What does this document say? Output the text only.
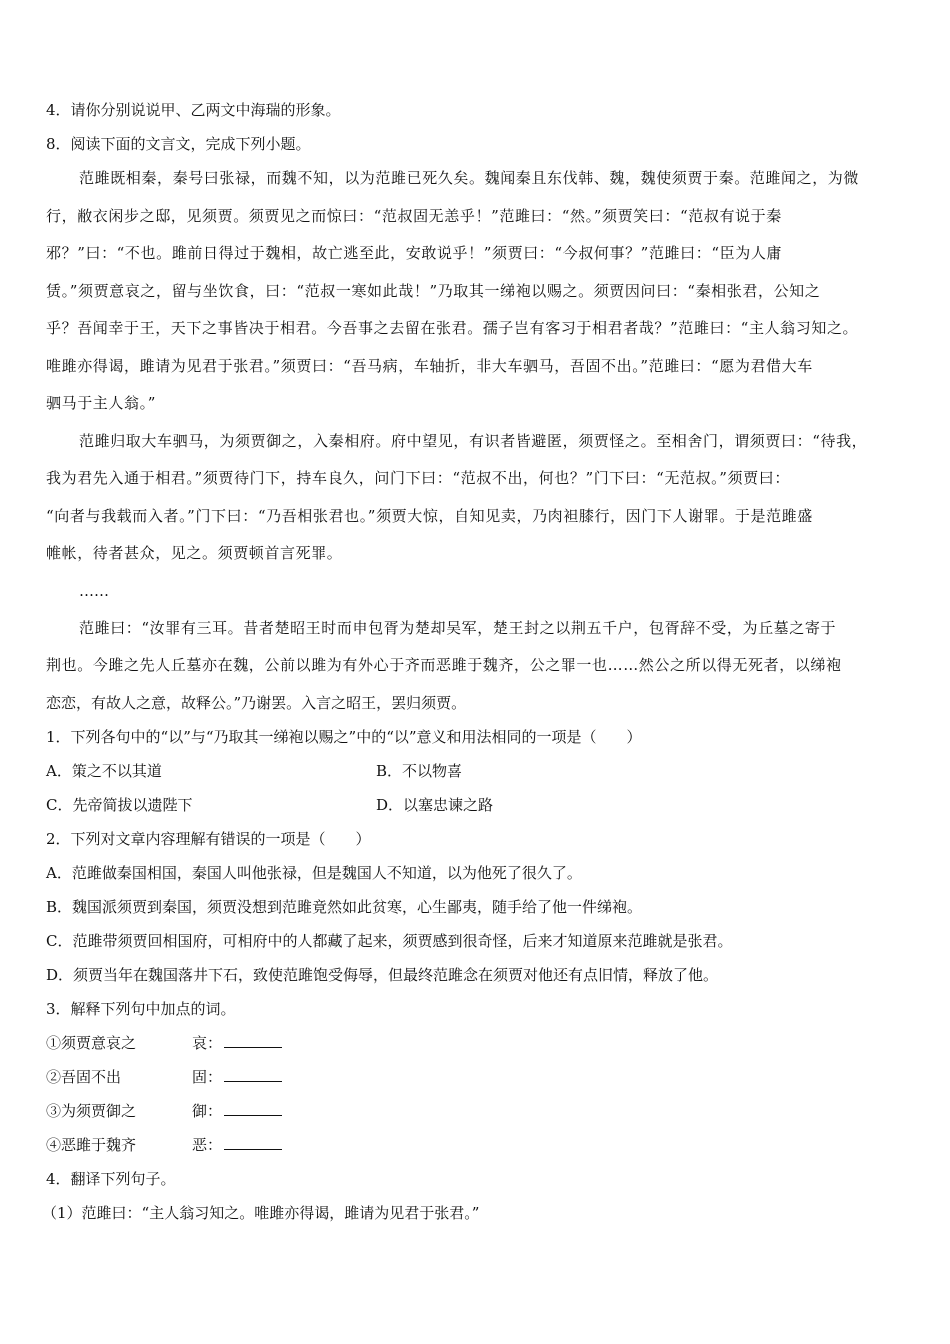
4．请你分别说说甲、乙两文中海瑞的形象。
8．阅读下面的文言文，完成下列小题。
范雎既相秦，秦号曰张禄，而魏不知，以为范雎已死久矣。魏闻秦且东伐韩、魏，魏使须贾于秦。范雎闻之，为微
行，敝衣闲步之邸，见须贾。须贾见之而惊曰：“范叔固无恙乎！”范雎曰：“然。”须贾笑曰：“范叔有说于秦
邪？”曰：“不也。雎前日得过于魏相，故亡逃至此，安敢说乎！”须贾曰：“今叔何事？”范雎曰：“臣为人庸
赁。”须贾意哀之，留与坐饮食，曰：“范叔一寒如此哉！”乃取其一绨袍以赐之。须贾因问曰：“秦相张君，公知之
乎？吾闻幸于王，天下之事皆决于相君。今吾事之去留在张君。孺子岂有客习于相君者哉？”范雎曰：“主人翁习知之。
唯雎亦得谒，雎请为见君于张君。”须贾曰：“吾马病，车轴折，非大车驷马，吾固不出。”范雎曰：“愿为君借大车
驷马于主人翁。”
范雎归取大车驷马，为须贾御之，入秦相府。府中望见，有识者皆避匿，须贾怪之。至相舍门，谓须贾曰：“待我，
我为君先入通于相君。”须贾待门下，持车良久，问门下曰：“范叔不出，何也？”门下曰：“无范叔。”须贾曰：
“向者与我载而入者。”门下曰：“乃吾相张君也。”须贾大惊，自知见卖，乃肉袒膝行，因门下人谢罪。于是范雎盛
帷帐，待者甚众，见之。须贾顿首言死罪。
……
范雎曰：“汝罪有三耳。昔者楚昭王时而申包胥为楚却吴军，楚王封之以荆五千户，包胥辞不受，为丘墓之寄于
荆也。今雎之先人丘墓亦在魏，公前以雎为有外心于齐而恶雎于魏齐，公之罪一也……然公之所以得无死者，以绨袍
恋恋，有故人之意，故释公。”乃谢罢。入言之昭王，罢归须贾。
1．下列各句中的“以”与“乃取其一绨袍以赐之”中的“以”意义和用法相同的一项是（　　）
A．策之不以其道	B．不以物喜
C．先帝简拔以遗陛下	D．以塞忠谏之路
2．下列对文章内容理解有错误的一项是（　　）
A．范雎做秦国相国，秦国人叫他张禄，但是魏国人不知道，以为他死了很久了。
B．魏国派须贾到秦国，须贾没想到范雎竟然如此贫寒，心生鄙夷，随手给了他一件绨袍。
C．范雎带须贾回相国府，可相府中的人都藏了起来，须贾感到很奇怪，后来才知道原来范雎就是张君。
D．须贾当年在魏国落井下石，致使范雎饱受侮辱，但最终范雎念在须贾对他还有点旧情，释放了他。
3．解释下列句中加点的词。
①须贾意哀之	哀：
②吾固不出	固：
③为须贾御之	御：
④恶雎于魏齐	恶：
4．翻译下列句子。
（1）范雎曰：“主人翁习知之。唯雎亦得谒，雎请为见君于张君。”
